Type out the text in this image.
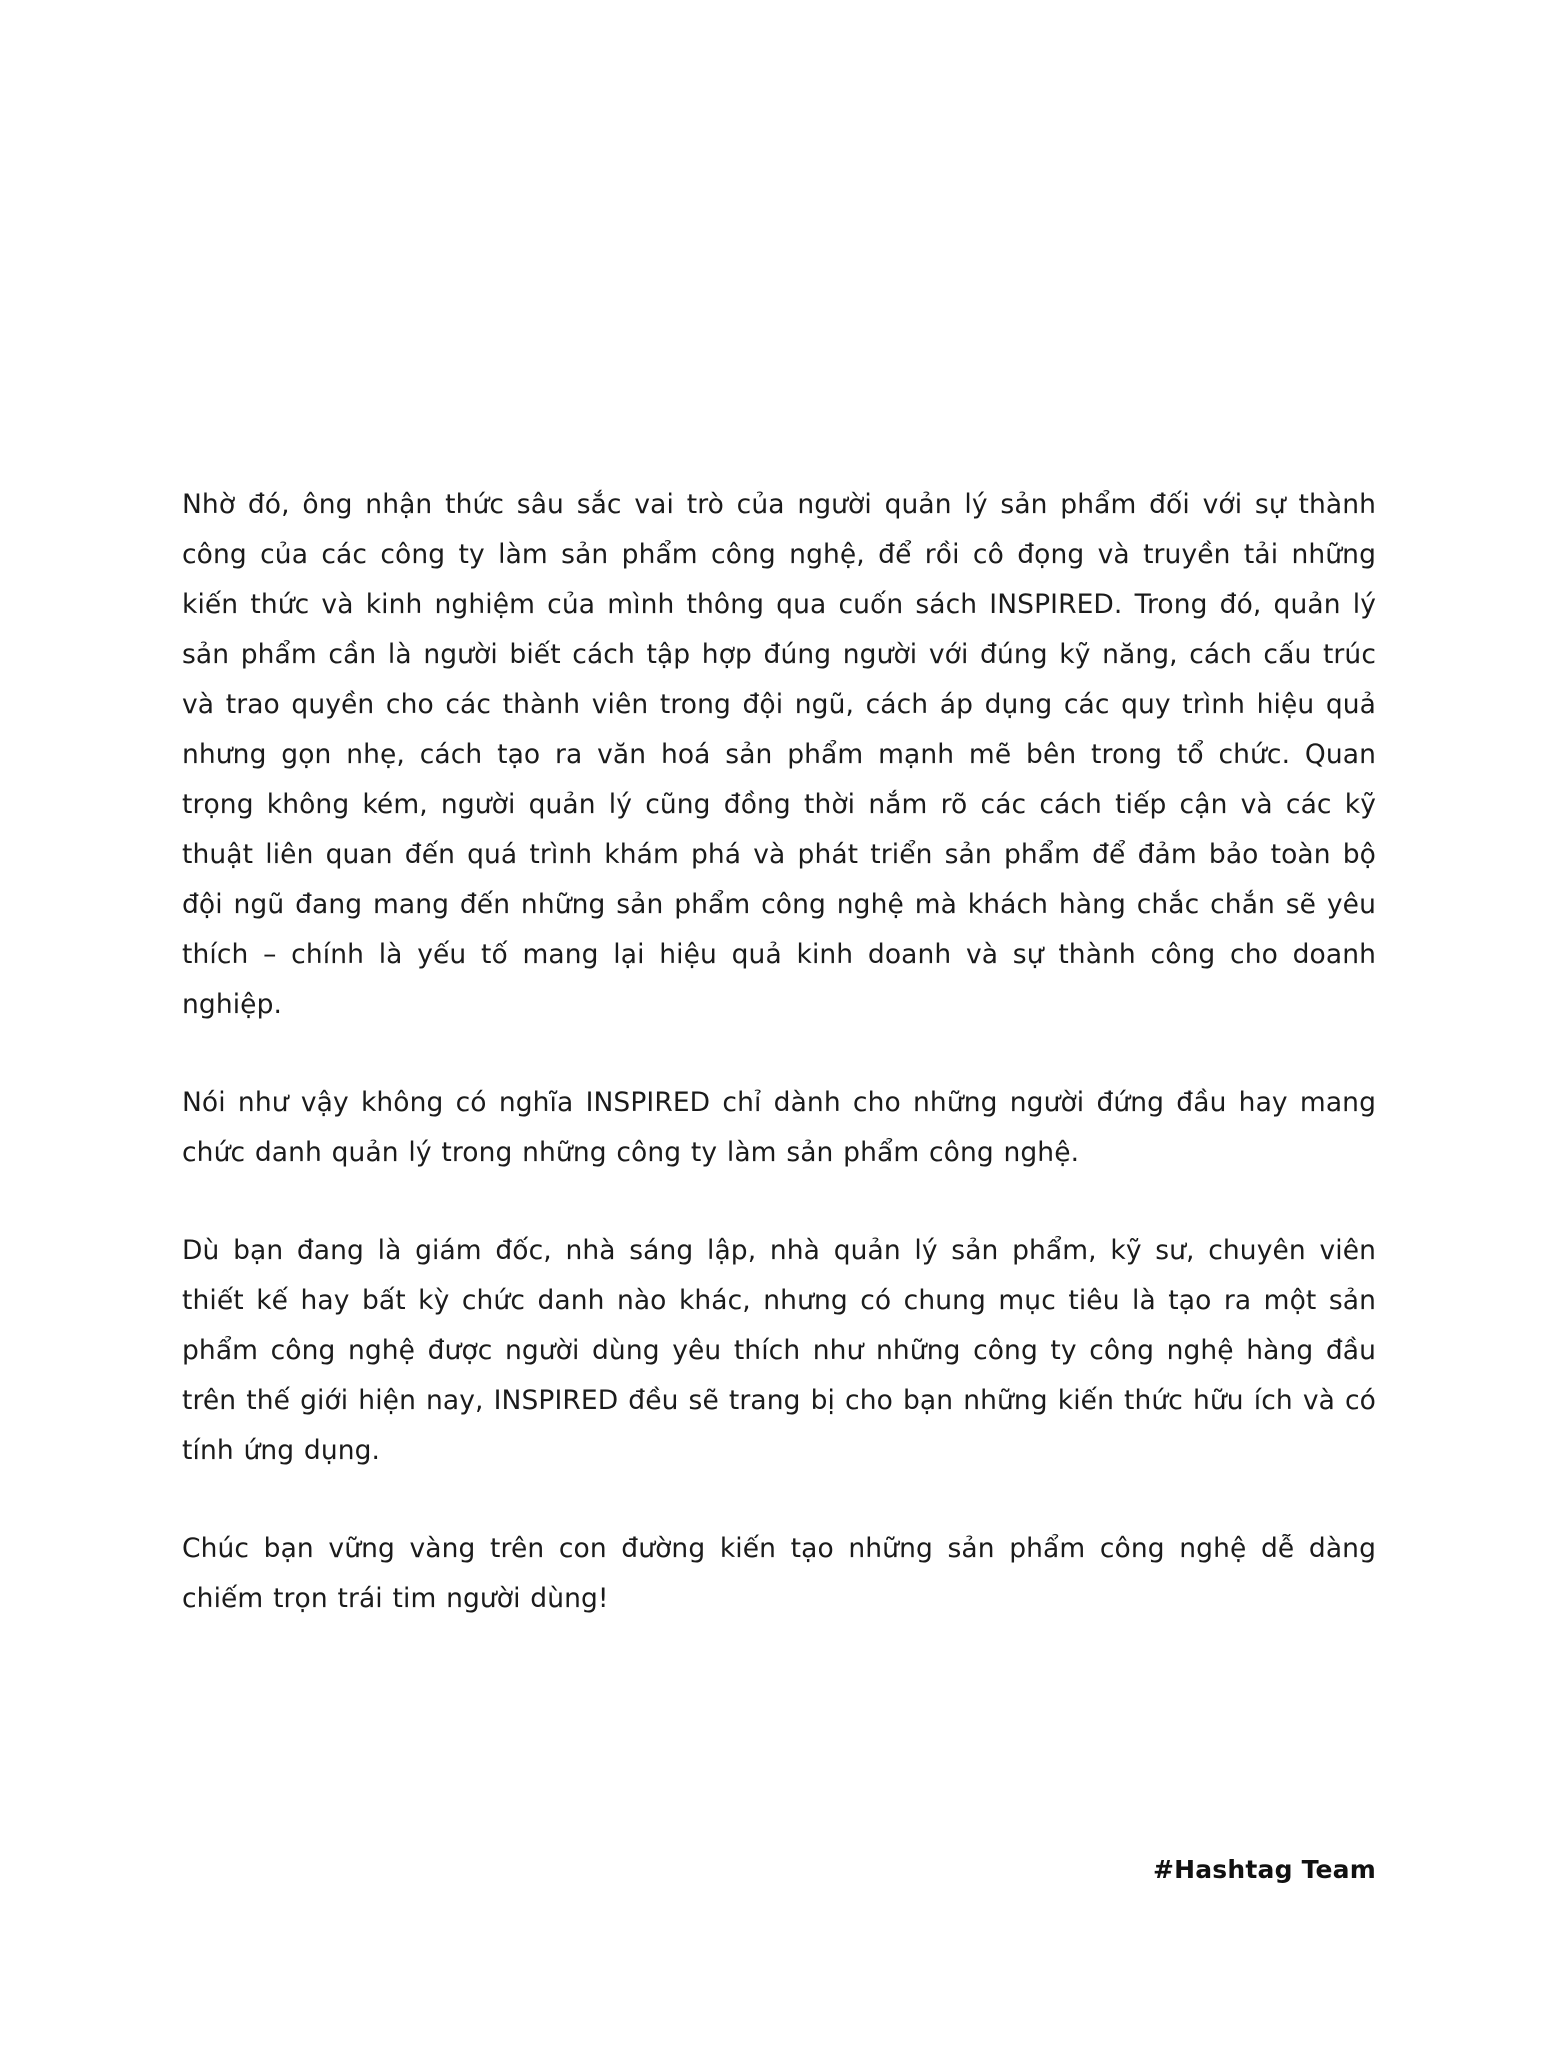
Nhờ đó, ông nhận thức sâu sắc vai trò của người quản lý sản phẩm đối với sự thành công của các công ty làm sản phẩm công nghệ, để rồi cô đọng và truyền tải những kiến thức và kinh nghiệm của mình thông qua cuốn sách INSPIRED. Trong đó, quản lý sản phẩm cần là người biết cách tập hợp đúng người với đúng kỹ năng, cách cấu trúc và trao quyền cho các thành viên trong đội ngũ, cách áp dụng các quy trình hiệu quả nhưng gọn nhẹ, cách tạo ra văn hoá sản phẩm mạnh mẽ bên trong tổ chức. Quan trọng không kém, người quản lý cũng đồng thời nắm rõ các cách tiếp cận và các kỹ thuật liên quan đến quá trình khám phá và phát triển sản phẩm để đảm bảo toàn bộ đội ngũ đang mang đến những sản phẩm công nghệ mà khách hàng chắc chắn sẽ yêu thích – chính là yếu tố mang lại hiệu quả kinh doanh và sự thành công cho doanh nghiệp.

Nói như vậy không có nghĩa INSPIRED chỉ dành cho những người đứng đầu hay mang chức danh quản lý trong những công ty làm sản phẩm công nghệ.

Dù bạn đang là giám đốc, nhà sáng lập, nhà quản lý sản phẩm, kỹ sư, chuyên viên thiết kế hay bất kỳ chức danh nào khác, nhưng có chung mục tiêu là tạo ra một sản phẩm công nghệ được người dùng yêu thích như những công ty công nghệ hàng đầu trên thế giới hiện nay, INSPIRED đều sẽ trang bị cho bạn những kiến thức hữu ích và có tính ứng dụng.

Chúc bạn vững vàng trên con đường kiến tạo những sản phẩm công nghệ dễ dàng chiếm trọn trái tim người dùng!

#Hashtag Team
